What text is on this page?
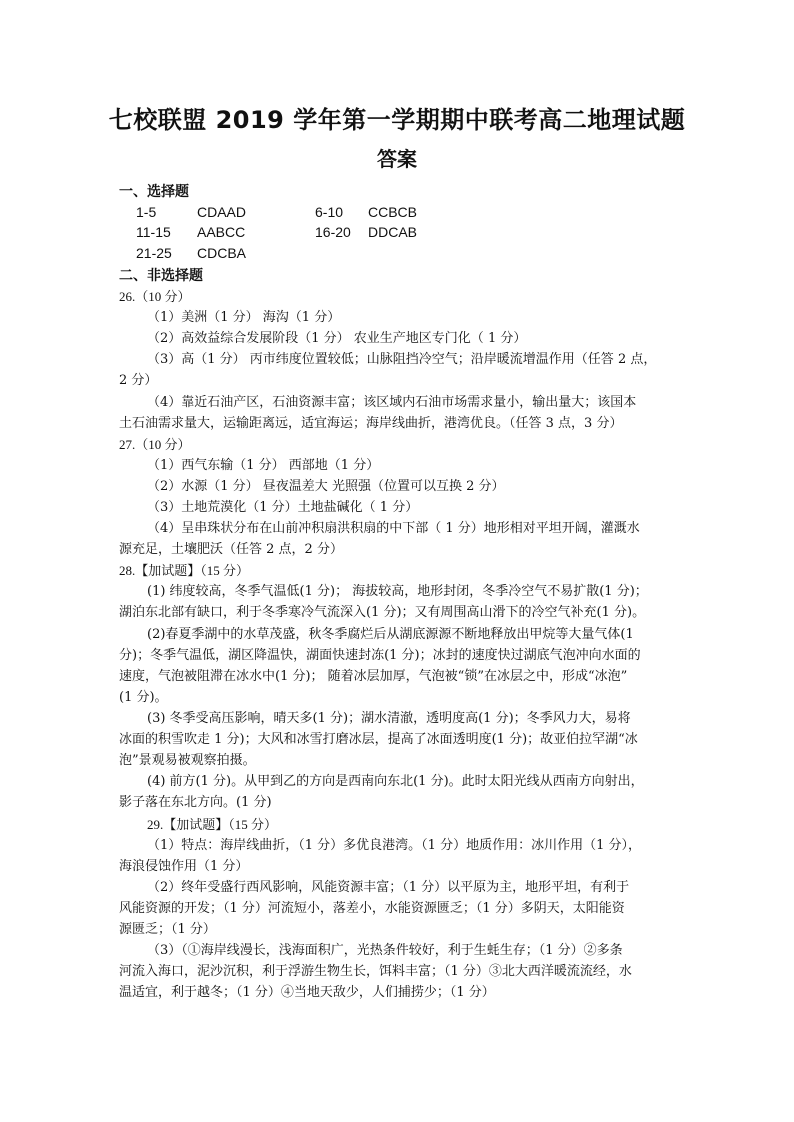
七校联盟 2019 学年第一学期期中联考高二地理试题
答案
一、选择题
1-5	CDAAD	6-10 CCBCB
11-15 AABCC	16-20 DDCAB
21-25 CDCBA
二、非选择题
26.（10 分）
（1）美洲（1 分） 海沟（1 分）
（2）高效益综合发展阶段（1 分） 农业生产地区专门化（ 1 分）
（3）高（1 分） 丙市纬度位置较低；山脉阻挡冷空气；沿岸暖流增温作用（任答 2 点，
2 分）
（4）靠近石油产区，石油资源丰富；该区域内石油市场需求量小，输出量大；该国本
土石油需求量大，运输距离远，适宜海运；海岸线曲折，港湾优良。（任答 3 点，3 分）
27.（10 分）
（1）西气东输（1 分） 西部地（1 分）
（2）水源（1 分） 昼夜温差大 光照强（位置可以互换 2 分）
（3）土地荒漠化（1 分）土地盐碱化（ 1 分）
（4）呈串珠状分布在山前冲积扇洪积扇的中下部（ 1 分）地形相对平坦开阔，灌溉水
源充足，土壤肥沃（任答 2 点，2 分）
28.【加试题】（15 分）
(1) 纬度较高，冬季气温低(1 分)； 海拔较高，地形封闭，冬季冷空气不易扩散(1 分)；
湖泊东北部有缺口，利于冬季寒冷气流深入(1 分)；又有周围高山滑下的冷空气补充(1 分)。
(2)春夏季湖中的水草茂盛，秋冬季腐烂后从湖底源源不断地释放出甲烷等大量气体(1
分)；冬季气温低，湖区降温快，湖面快速封冻(1 分)；冰封的速度快过湖底气泡冲向水面的
速度，气泡被阻滞在冰水中(1 分)； 随着冰层加厚，气泡被“锁”在冰层之中，形成“冰泡”
(1 分)。
(3) 冬季受高压影响，晴天多(1 分)；湖水清澈，透明度高(1 分)；冬季风力大，易将
冰面的积雪吹走 1 分)；大风和冰雪打磨冰层，提高了冰面透明度(1 分)；故亚伯拉罕湖“冰
泡”景观易被观察拍摄。
(4) 前方(1 分)。从甲到乙的方向是西南向东北(1 分)。此时太阳光线从西南方向射出，
影子落在东北方向。(1 分)
29.【加试题】（15 分）
（1）特点：海岸线曲折，（1 分）多优良港湾。（1 分）地质作用：冰川作用（1 分），
海浪侵蚀作用（1 分）
（2）终年受盛行西风影响，风能资源丰富；（1 分）以平原为主，地形平坦，有利于
风能资源的开发；（1 分）河流短小，落差小，水能资源匮乏；（1 分）多阴天，太阳能资
源匮乏；（1 分）
（3）（①海岸线漫长，浅海面积广，光热条件较好，利于生蚝生存；（1 分）②多条
河流入海口，泥沙沉积，利于浮游生物生长，饵料丰富；（1 分）③北大西洋暖流流经，水
温适宜，利于越冬；（1 分）④当地天敌少，人们捕捞少；（1 分）
